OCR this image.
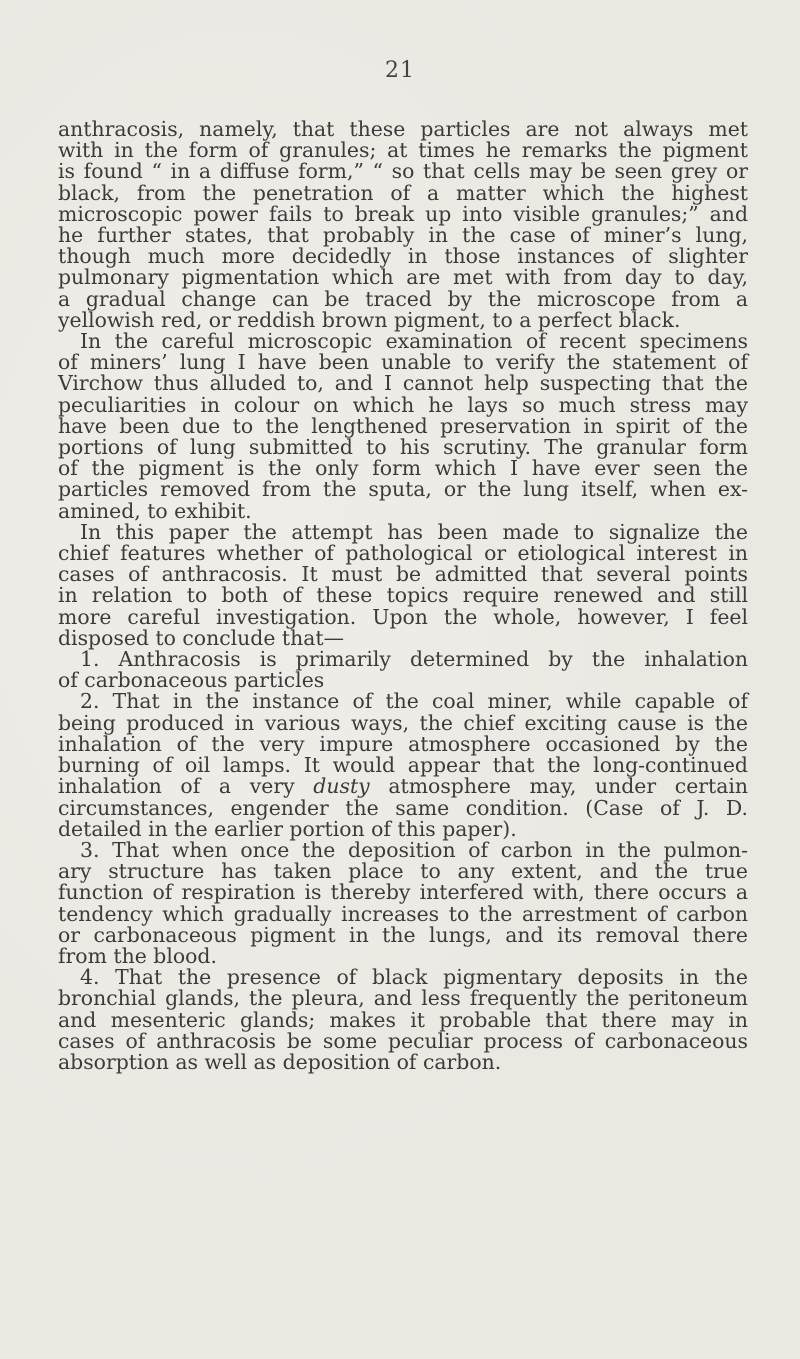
21
anthracosis, namely, that these particles are not always met
with in the form of granules; at times he remarks the pigment
is found “ in a diffuse form,” “ so that cells may be seen grey or
black, from the penetration of a matter which the highest
microscopic power fails to break up into visible granules;” and
he further states, that probably in the case of miner’s lung,
though much more decidedly in those instances of slighter
pulmonary pigmentation which are met with from day to day,
a gradual change can be traced by the microscope from a
yellowish red, or reddish brown pigment, to a perfect black.
In the careful microscopic examination of recent specimens
of miners’ lung I have been unable to verify the statement of
Virchow thus alluded to, and I cannot help suspecting that the
peculiarities in colour on which he lays so much stress may
have been due to the lengthened preservation in spirit of the
portions of lung submitted to his scrutiny. The granular form
of the pigment is the only form which I have ever seen the
particles removed from the sputa, or the lung itself, when ex-
amined, to exhibit.
In this paper the attempt has been made to signalize the
chief features whether of pathological or etiological interest in
cases of anthracosis. It must be admitted that several points
in relation to both of these topics require renewed and still
more careful investigation. Upon the whole, however, I feel
disposed to conclude that—
1. Anthracosis is primarily determined by the inhalation
of carbonaceous particles
2. That in the instance of the coal miner, while capable of
being produced in various ways, the chief exciting cause is the
inhalation of the very impure atmosphere occasioned by the
burning of oil lamps. It would appear that the long-continued
inhalation of a very dusty atmosphere may, under certain
circumstances, engender the same condition. (Case of J. D.
detailed in the earlier portion of this paper).
3. That when once the deposition of carbon in the pulmon-
ary structure has taken place to any extent, and the true
function of respiration is thereby interfered with, there occurs a
tendency which gradually increases to the arrestment of carbon
or carbonaceous pigment in the lungs, and its removal there
from the blood.
4. That the presence of black pigmentary deposits in the
bronchial glands, the pleura, and less frequently the peritoneum
and mesenteric glands; makes it probable that there may in
cases of anthracosis be some peculiar process of carbonaceous
absorption as well as deposition of carbon.
